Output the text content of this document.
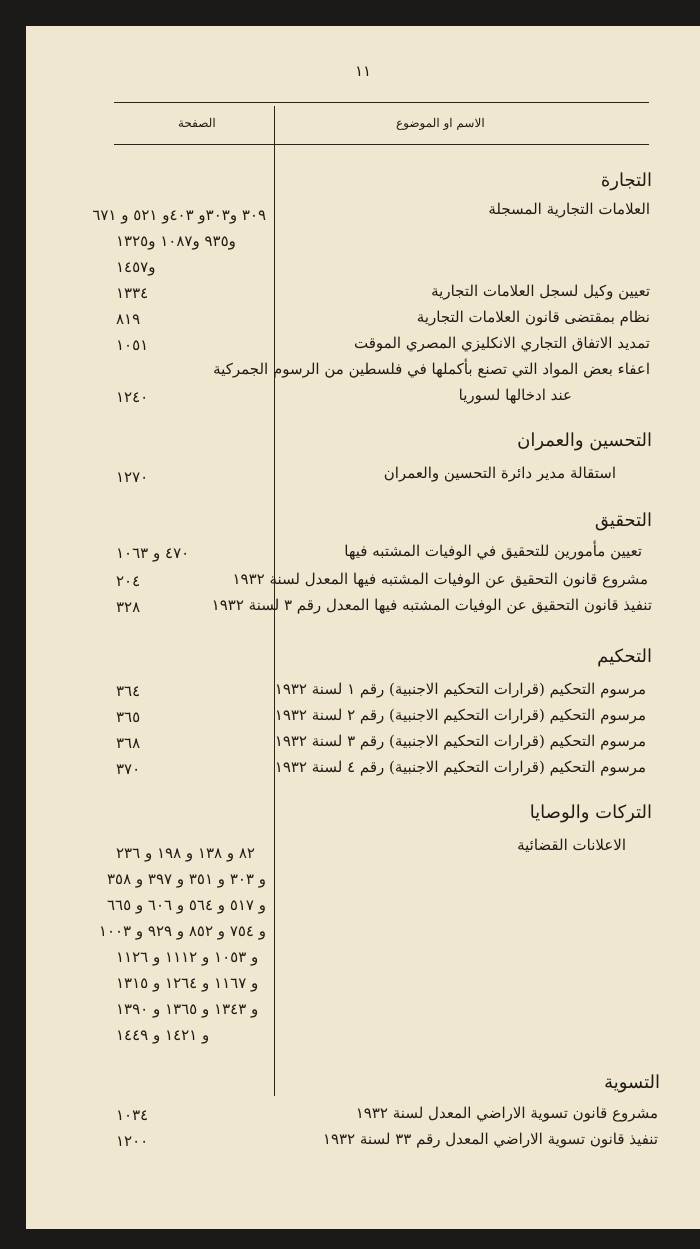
١١
الاسم او الموضوع
الصفحة
التجارة
العلامات التجارية المسجلة
٣٠٩ و٣٠٣و ٤٠٣و ٥٢١ و ٦٧١
و٩٣٥ و١٠٨٧ و١٣٢٥
و١٤٥٧
تعيين وكيل لسجل العلامات التجارية
١٣٣٤
نظام بمقتضى قانون العلامات التجارية
٨١٩
تمديد الاتفاق التجاري الانكليزي المصري الموقت
١٠٥١
اعفاء بعض المواد التي تصنع بأكملها في فلسطين من الرسوم الجمركية
عند ادخالها لسوريا
١٢٤٠
التحسين والعمران
استقالة مدير دائرة التحسين والعمران
١٢٧٠
التحقيق
تعيين مأمورين للتحقيق في الوفيات المشتبه فيها
٤٧٠ و ١٠٦٣
مشروع قانون التحقيق عن الوفيات المشتبه فيها المعدل لسنة ١٩٣٢
٢٠٤
تنفيذ قانون التحقيق عن الوفيات المشتبه فيها المعدل رقم ٣ لسنة ١٩٣٢
٣٢٨
التحكيم
مرسوم التحكيم (قرارات التحكيم الاجنبية) رقم ١ لسنة ١٩٣٢
٣٦٤
مرسوم التحكيم (قرارات التحكيم الاجنبية) رقم ٢ لسنة ١٩٣٢
٣٦٥
مرسوم التحكيم (قرارات التحكيم الاجنبية) رقم ٣ لسنة ١٩٣٢
٣٦٨
مرسوم التحكيم (قرارات التحكيم الاجنبية) رقم ٤ لسنة ١٩٣٢
٣٧٠
التركات والوصايا
الاعلانات القضائية
٨٢ و ١٣٨ و ١٩٨ و ٢٣٦
و ٣٠٣ و ٣٥١ و ٣٩٧ و ٣٥٨
و ٥١٧ و ٥٦٤ و ٦٠٦ و ٦٦٥
و ٧٥٤ و ٨٥٢ و ٩٢٩ و ١٠٠٣
و ١٠٥٣ و ١١١٢ و ١١٢٦
و ١١٦٧ و ١٢٦٤ و ١٣١٥
و ١٣٤٣ و ١٣٦٥ و ١٣٩٠
و ١٤٢١ و ١٤٤٩
التسوية
مشروع قانون تسوية الاراضي المعدل لسنة ١٩٣٢
١٠٣٤
تنفيذ قانون تسوية الاراضي المعدل رقم ٣٣ لسنة ١٩٣٢
١٢٠٠
